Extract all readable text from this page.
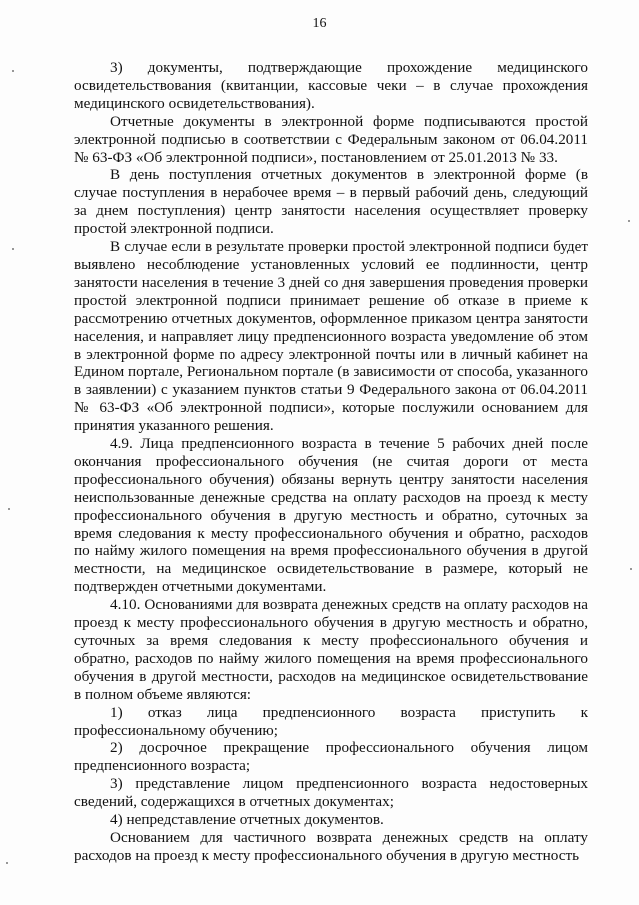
16

3) документы, подтверждающие прохождение медицинского освидетельствования (квитанции, кассовые чеки – в случае прохождения медицинского освидетельствования).

Отчетные документы в электронной форме подписываются простой электронной подписью в соответствии с Федеральным законом от 06.04.2011 № 63-ФЗ «Об электронной подписи», постановлением от 25.01.2013 № 33.

В день поступления отчетных документов в электронной форме (в случае поступления в нерабочее время – в первый рабочий день, следующий за днем поступления) центр занятости населения осуществляет проверку простой электронной подписи.

В случае если в результате проверки простой электронной подписи будет выявлено несоблюдение установленных условий ее подлинности, центр занятости населения в течение 3 дней со дня завершения проведения проверки простой электронной подписи принимает решение об отказе в приеме к рассмотрению отчетных документов, оформленное приказом центра занятости населения, и направляет лицу предпенсионного возраста уведомление об этом в электронной форме по адресу электронной почты или в личный кабинет на Едином портале, Региональном портале (в зависимости от способа, указанного в заявлении) с указанием пунктов статьи 9 Федерального закона от 06.04.2011 № 63-ФЗ «Об электронной подписи», которые послужили основанием для принятия указанного решения.

4.9. Лица предпенсионного возраста в течение 5 рабочих дней после окончания профессионального обучения (не считая дороги от места профессионального обучения) обязаны вернуть центру занятости населения неиспользованные денежные средства на оплату расходов на проезд к месту профессионального обучения в другую местность и обратно, суточных за время следования к месту профессионального обучения и обратно, расходов по найму жилого помещения на время профессионального обучения в другой местности, на медицинское освидетельствование в размере, который не подтвержден отчетными документами.

4.10. Основаниями для возврата денежных средств на оплату расходов на проезд к месту профессионального обучения в другую местность и обратно, суточных за время следования к месту профессионального обучения и обратно, расходов по найму жилого помещения на время профессионального обучения в другой местности, расходов на медицинское освидетельствование в полном объеме являются:

1) отказ лица предпенсионного возраста приступить к профессиональному обучению;

2) досрочное прекращение профессионального обучения лицом предпенсионного возраста;

3) представление лицом предпенсионного возраста недостоверных сведений, содержащихся в отчетных документах;

4) непредставление отчетных документов.

Основанием для частичного возврата денежных средств на оплату расходов на проезд к месту профессионального обучения в другую местность
